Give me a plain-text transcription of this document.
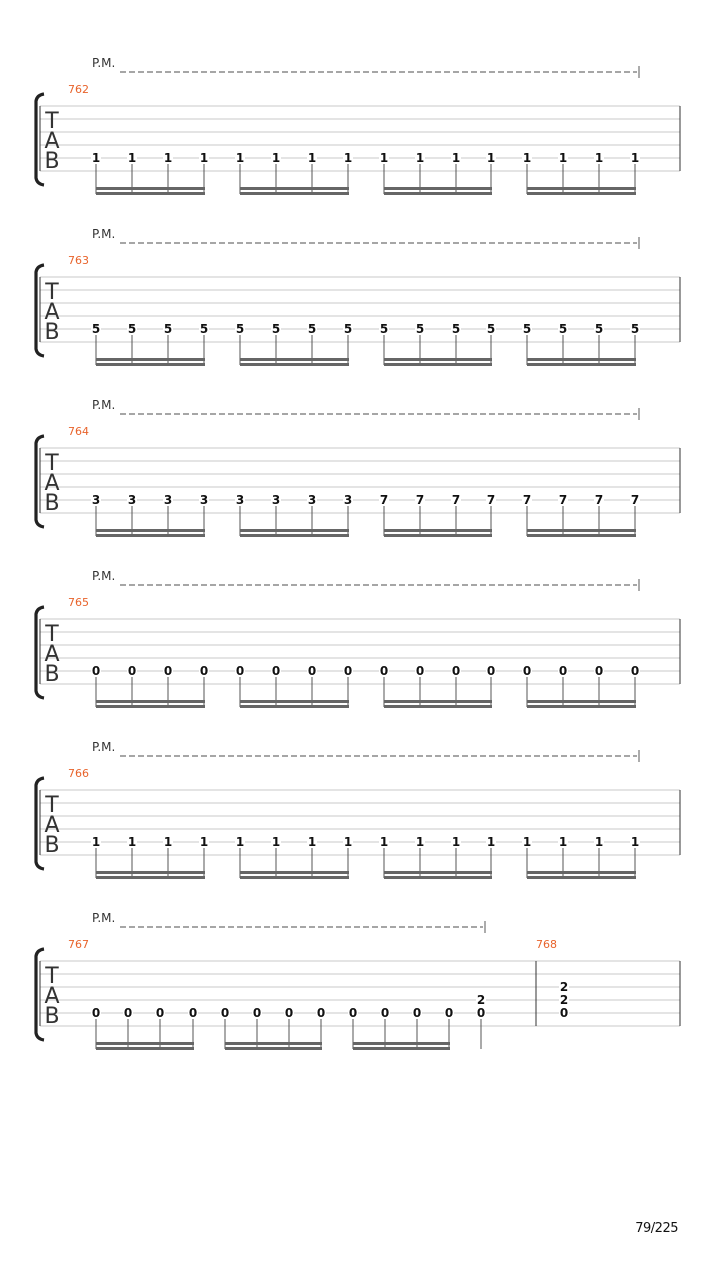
P.M.
T
A
B
762
1 1 1 1 1 1 1 1 1 1 1 1 1 1 1 1
P.M.
T
A
B
763
5 5 5 5 5 5 5 5 5 5 5 5 5 5 5 5
P.M.
T
A
B
764
3 3 3 3 3 3 3 3 7 7 7 7 7 7 7 7
P.M.
T
A
B
765
0 0 0 0 0 0 0 0 0 0 0 0 0 0 0 0
P.M.
T
A
B
766
1 1 1 1 1 1 1 1 1 1 1 1 1 1 1 1
P.M.
T
A
B
767
0 0 0 0 0 0 0 0 0 0 0 0
2
0
768
2
2
0
79/225
